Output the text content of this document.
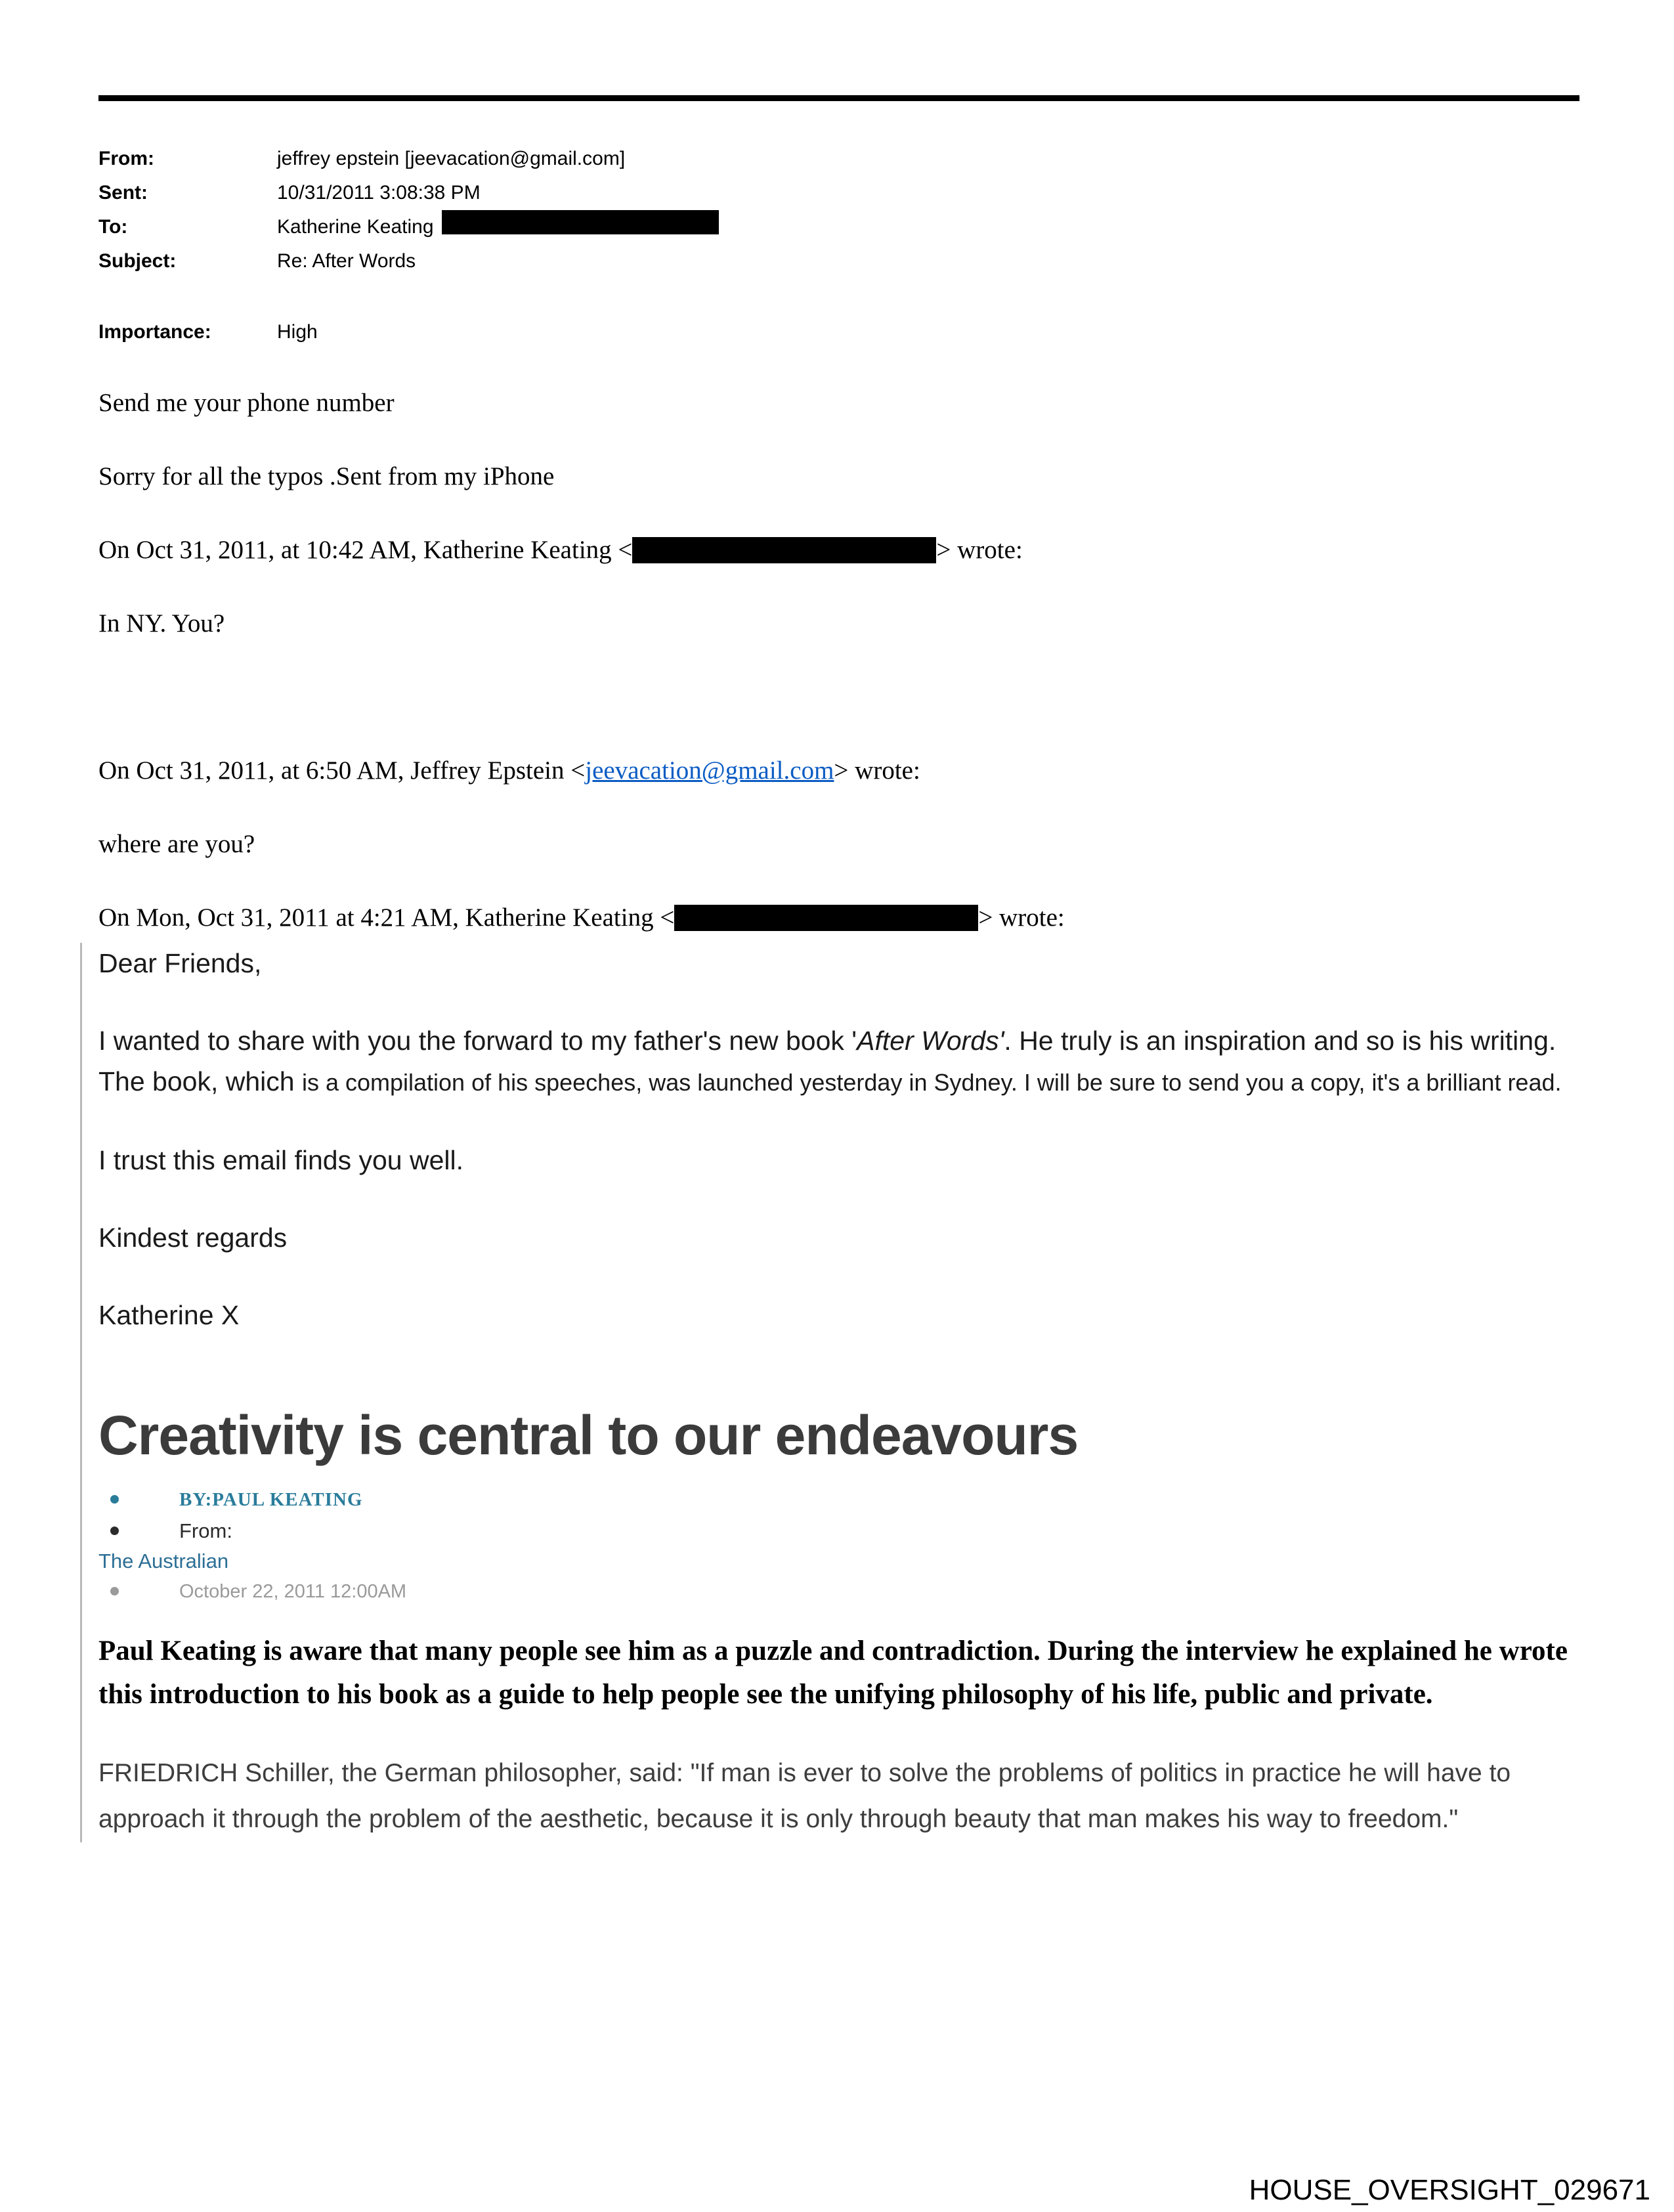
From:	jeffrey epstein [jeevacation@gmail.com]
Sent:	10/31/2011 3:08:38 PM
To:	Katherine Keating
Subject:	Re: After Words
Importance:	High

Send me your phone number

Sorry for all the typos .Sent from my iPhone

On Oct 31, 2011, at 10:42 AM, Katherine Keating <	> wrote:

In NY. You?

On Oct 31, 2011, at 6:50 AM, Jeffrey Epstein <jeevacation@gmail.com> wrote:

where are you?

On Mon, Oct 31, 2011 at 4:21 AM, Katherine Keating <	> wrote:

Dear Friends,

I wanted to share with you the forward to my father's new book 'After Words'. He truly is an inspiration and so is his writing. The book, which is a compilation of his speeches, was launched yesterday in Sydney. I will be sure to send you a copy, it's a brilliant read.

I trust this email finds you well.

Kindest regards

Katherine X

Creativity is central to our endeavours
BY:PAUL KEATING
From:
The Australian
October 22, 2011 12:00AM

Paul Keating is aware that many people see him as a puzzle and contradiction. During the interview he explained he wrote this introduction to his book as a guide to help people see the unifying philosophy of his life, public and private.

FRIEDRICH Schiller, the German philosopher, said: "If man is ever to solve the problems of politics in practice he will have to approach it through the problem of the aesthetic, because it is only through beauty that man makes his way to freedom."

HOUSE_OVERSIGHT_029671
